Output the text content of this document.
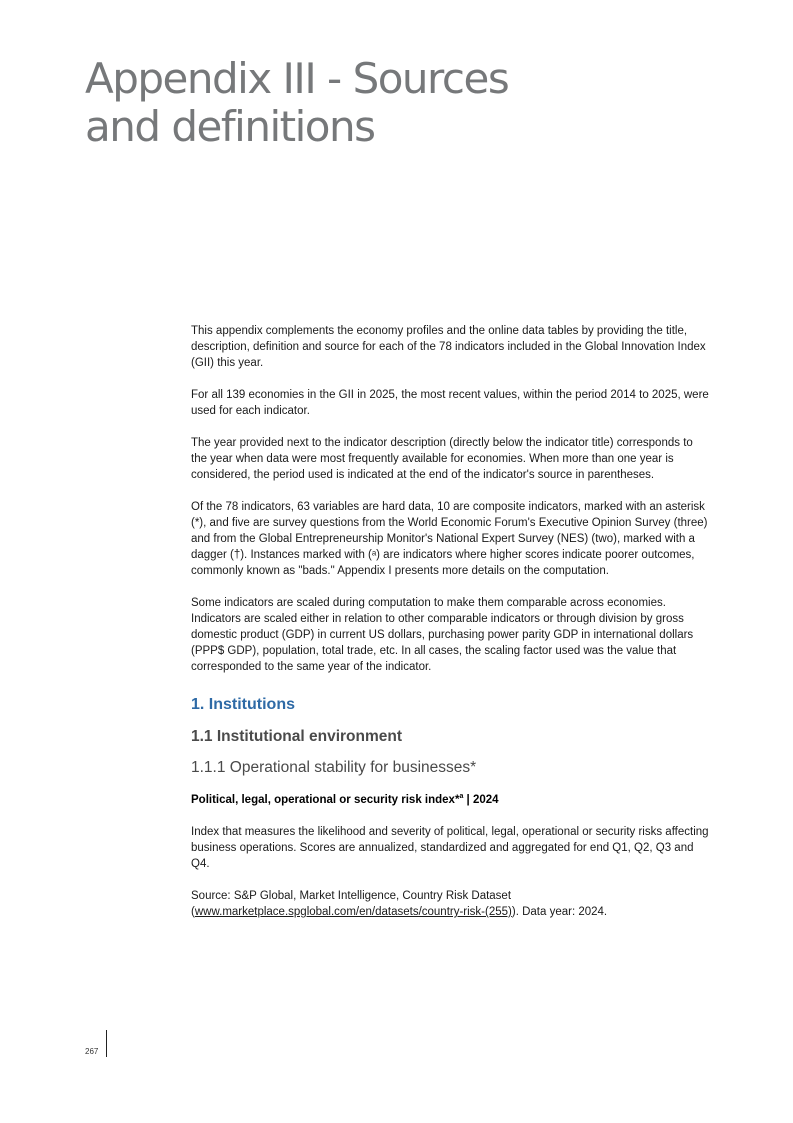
Appendix III - Sources
and definitions

This appendix complements the economy profiles and the online data tables by providing the title, description, definition and source for each of the 78 indicators included in the Global Innovation Index (GII) this year.

For all 139 economies in the GII in 2025, the most recent values, within the period 2014 to 2025, were used for each indicator.

The year provided next to the indicator description (directly below the indicator title) corresponds to the year when data were most frequently available for economies. When more than one year is considered, the period used is indicated at the end of the indicator's source in parentheses.

Of the 78 indicators, 63 variables are hard data, 10 are composite indicators, marked with an asterisk (*), and five are survey questions from the World Economic Forum's Executive Opinion Survey (three) and from the Global Entrepreneurship Monitor's National Expert Survey (NES) (two), marked with a dagger (†). Instances marked with (ᵃ) are indicators where higher scores indicate poorer outcomes, commonly known as "bads." Appendix I presents more details on the computation.

Some indicators are scaled during computation to make them comparable across economies. Indicators are scaled either in relation to other comparable indicators or through division by gross domestic product (GDP) in current US dollars, purchasing power parity GDP in international dollars (PPP$ GDP), population, total trade, etc. In all cases, the scaling factor used was the value that corresponded to the same year of the indicator.

1. Institutions
1.1 Institutional environment
1.1.1 Operational stability for businesses*
Political, legal, operational or security risk index*$^a$ | 2024

Index that measures the likelihood and severity of political, legal, operational or security risks affecting business operations. Scores are annualized, standardized and aggregated for end Q1, Q2, Q3 and Q4.

Source: S&P Global, Market Intelligence, Country Risk Dataset (www.marketplace.spglobal.com/en/datasets/country-risk-(255)). Data year: 2024.

267
